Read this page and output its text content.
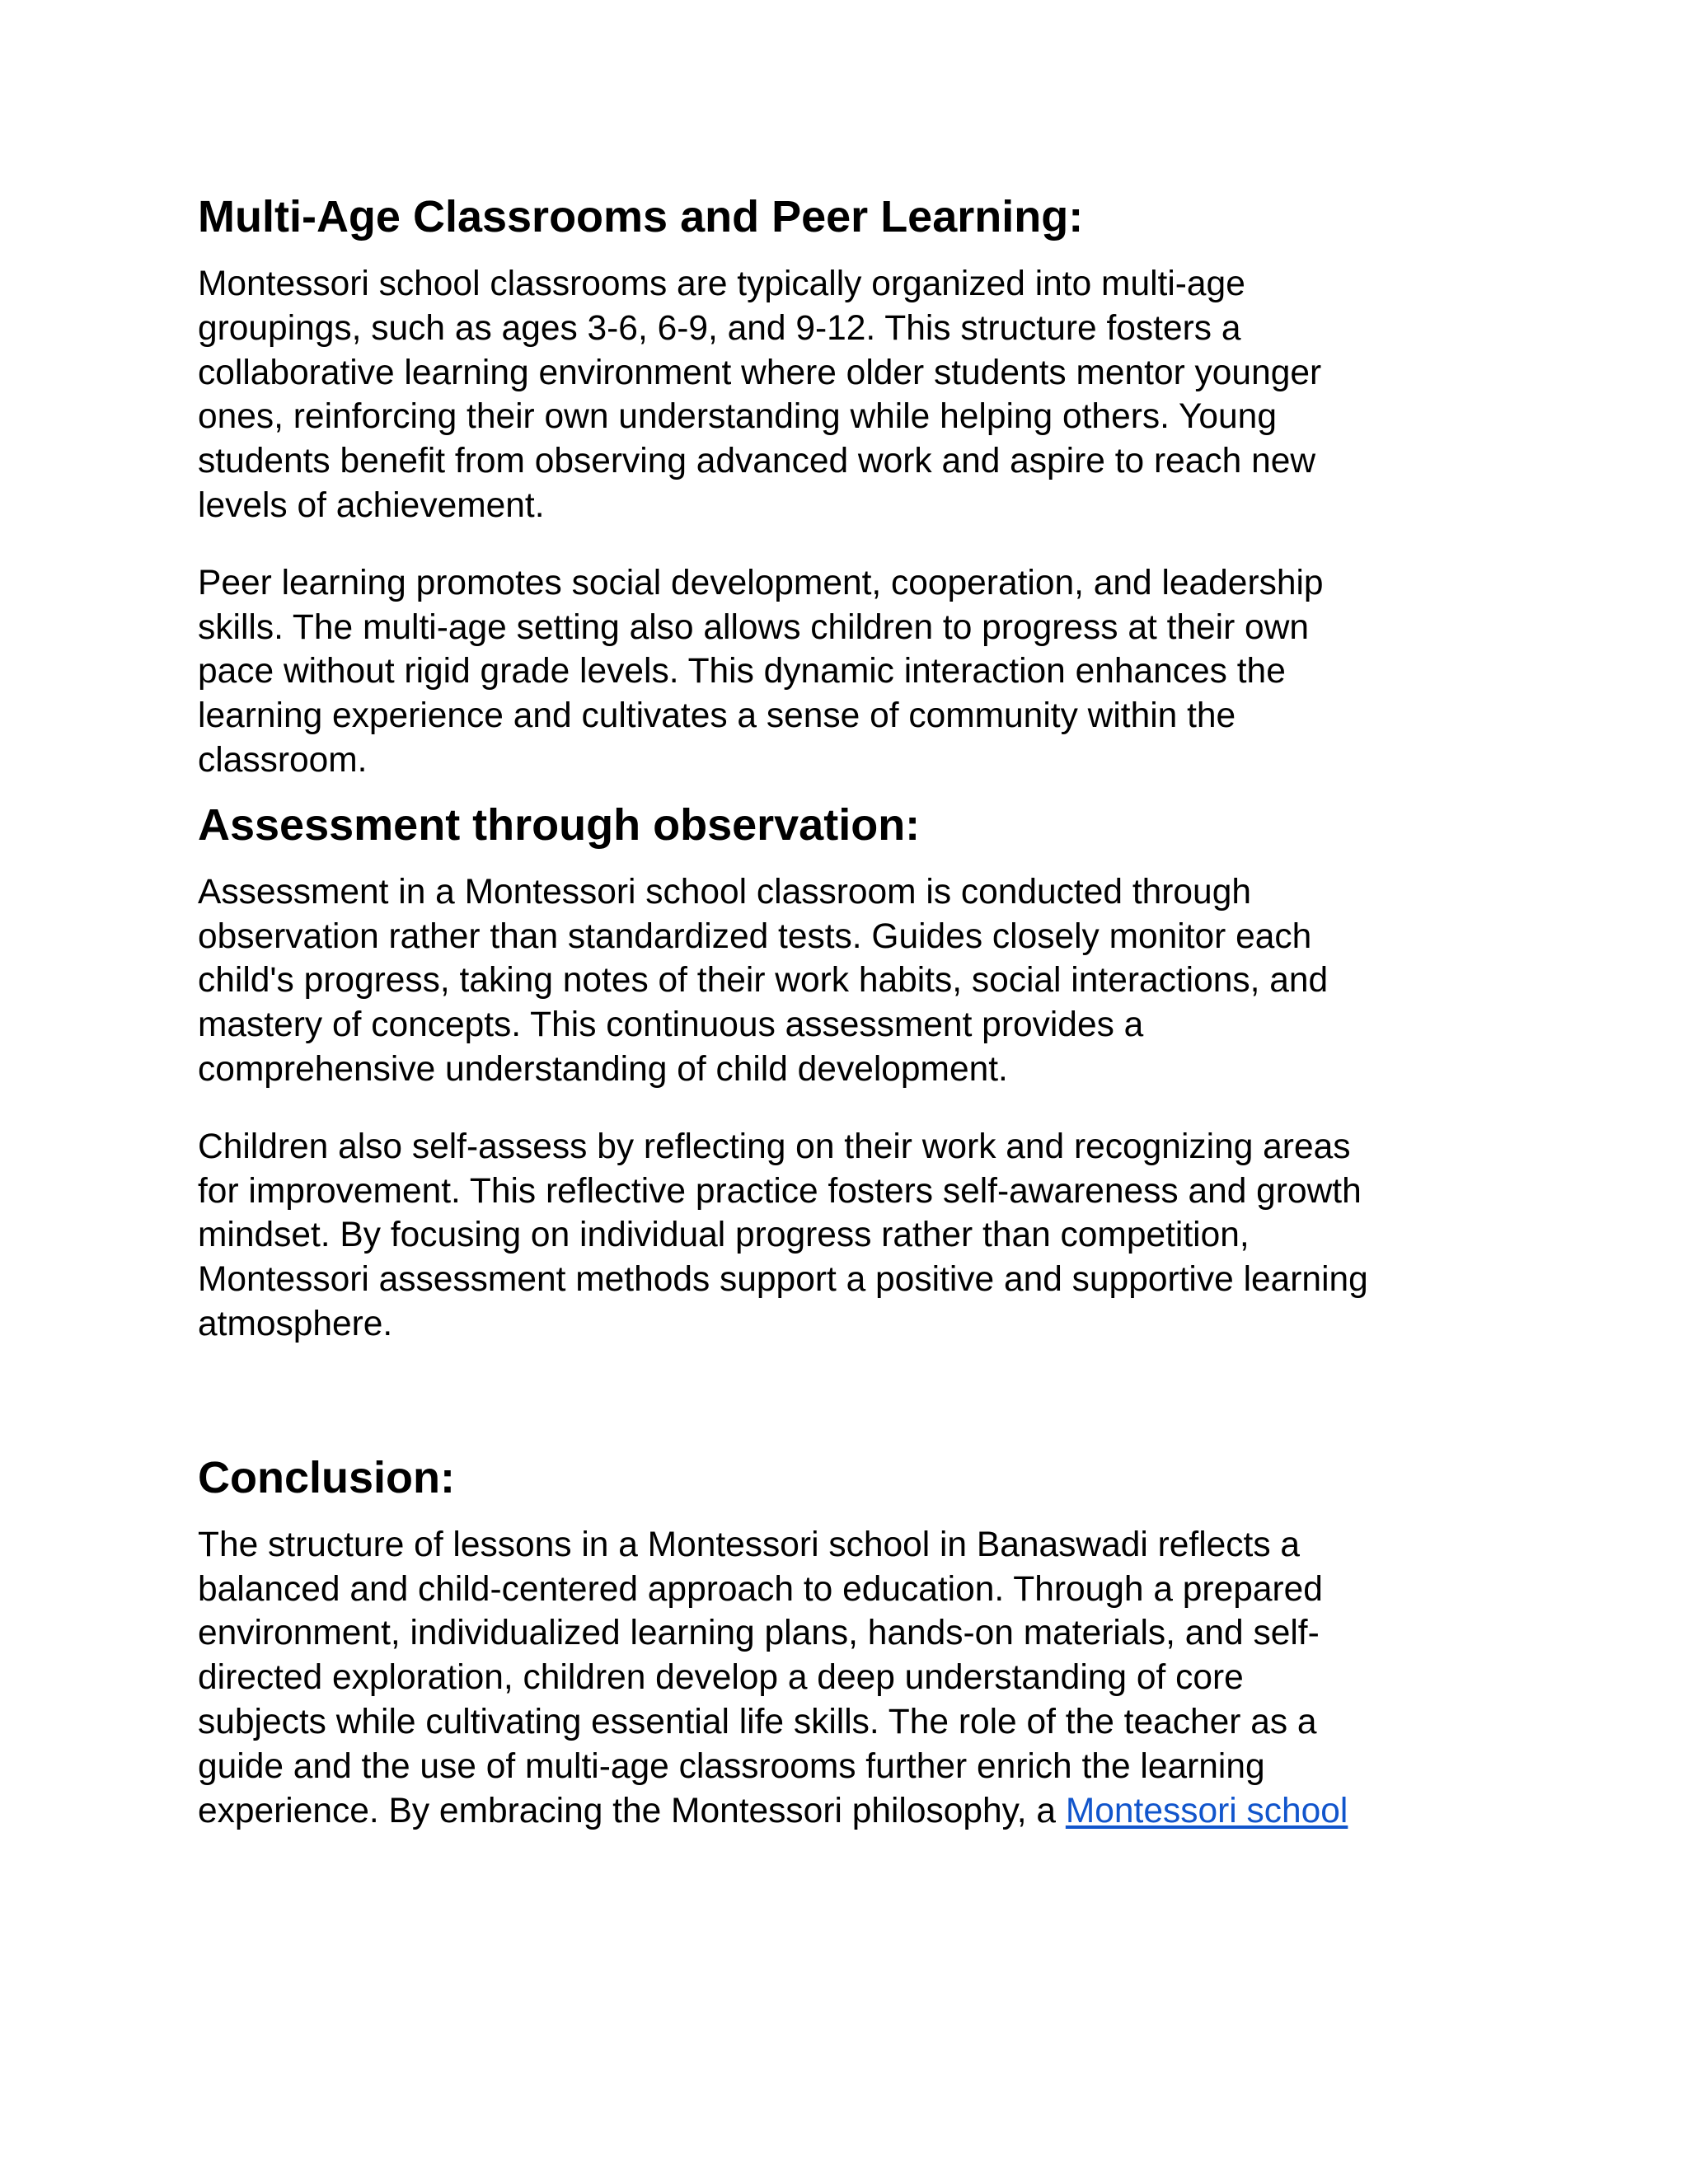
Multi-Age Classrooms and Peer Learning:
Montessori school classrooms are typically organized into multi-age
groupings, such as ages 3-6, 6-9, and 9-12. This structure fosters a
collaborative learning environment where older students mentor younger
ones, reinforcing their own understanding while helping others. Young
students benefit from observing advanced work and aspire to reach new
levels of achievement.
Peer learning promotes social development, cooperation, and leadership
skills. The multi-age setting also allows children to progress at their own
pace without rigid grade levels. This dynamic interaction enhances the
learning experience and cultivates a sense of community within the
classroom.
Assessment through observation:
Assessment in a Montessori school classroom is conducted through
observation rather than standardized tests. Guides closely monitor each
child's progress, taking notes of their work habits, social interactions, and
mastery of concepts. This continuous assessment provides a
comprehensive understanding of child development.
Children also self-assess by reflecting on their work and recognizing areas
for improvement. This reflective practice fosters self-awareness and growth
mindset. By focusing on individual progress rather than competition,
Montessori assessment methods support a positive and supportive learning
atmosphere.
Conclusion:
The structure of lessons in a Montessori school in Banaswadi reflects a
balanced and child-centered approach to education. Through a prepared
environment, individualized learning plans, hands-on materials, and self-
directed exploration, children develop a deep understanding of core
subjects while cultivating essential life skills. The role of the teacher as a
guide and the use of multi-age classrooms further enrich the learning
experience. By embracing the Montessori philosophy, a Montessori school
